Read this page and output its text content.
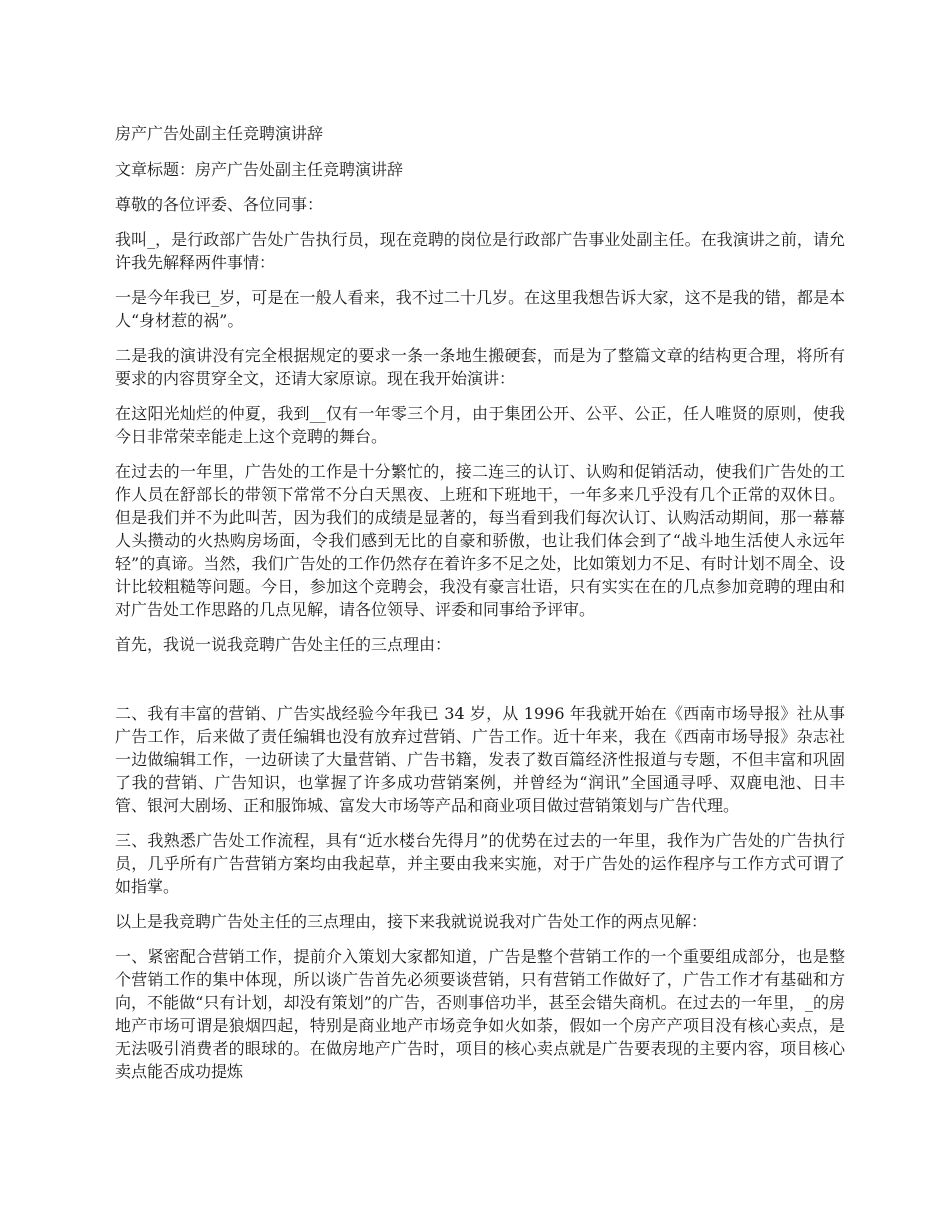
房产广告处副主任竞聘演讲辞

文章标题：房产广告处副主任竞聘演讲辞

尊敬的各位评委、各位同事：

我叫_，是行政部广告处广告执行员，现在竞聘的岗位是行政部广告事业处副主任。在我演讲之前，请允许我先解释两件事情：

一是今年我已_岁，可是在一般人看来，我不过二十几岁。在这里我想告诉大家，这不是我的错，都是本人“身材惹的祸”。

二是我的演讲没有完全根据规定的要求一条一条地生搬硬套，而是为了整篇文章的结构更合理，将所有要求的内容贯穿全文，还请大家原谅。现在我开始演讲：

在这阳光灿烂的仲夏，我到__仅有一年零三个月，由于集团公开、公平、公正，任人唯贤的原则，使我今日非常荣幸能走上这个竞聘的舞台。

在过去的一年里，广告处的工作是十分繁忙的，接二连三的认订、认购和促销活动，使我们广告处的工作人员在舒部长的带领下常常不分白天黑夜、上班和下班地干，一年多来几乎没有几个正常的双休日。但是我们并不为此叫苦，因为我们的成绩是显著的，每当看到我们每次认订、认购活动期间，那一幕幕人头攒动的火热购房场面，令我们感到无比的自豪和骄傲，也让我们体会到了“战斗地生活使人永远年轻”的真谛。当然，我们广告处的工作仍然存在着许多不足之处，比如策划力不足、有时计划不周全、设计比较粗糙等问题。今日，参加这个竞聘会，我没有豪言壮语，只有实实在在的几点参加竞聘的理由和对广告处工作思路的几点见解，请各位领导、评委和同事给予评审。

首先，我说一说我竞聘广告处主任的三点理由：

二、我有丰富的营销、广告实战经验今年我已 34 岁，从 1996 年我就开始在《西南市场导报》社从事广告工作，后来做了责任编辑也没有放弃过营销、广告工作。近十年来，我在《西南市场导报》杂志社一边做编辑工作，一边研读了大量营销、广告书籍，发表了数百篇经济性报道与专题，不但丰富和巩固了我的营销、广告知识，也掌握了许多成功营销案例，并曾经为“润讯”全国通寻呼、双鹿电池、日丰管、银河大剧场、正和服饰城、富发大市场等产品和商业项目做过营销策划与广告代理。

三、我熟悉广告处工作流程，具有“近水楼台先得月”的优势在过去的一年里，我作为广告处的广告执行员，几乎所有广告营销方案均由我起草，并主要由我来实施，对于广告处的运作程序与工作方式可谓了如指掌。

以上是我竞聘广告处主任的三点理由，接下来我就说说我对广告处工作的两点见解：

一、紧密配合营销工作，提前介入策划大家都知道，广告是整个营销工作的一个重要组成部分，也是整个营销工作的集中体现，所以谈广告首先必须要谈营销，只有营销工作做好了，广告工作才有基础和方向，不能做“只有计划，却没有策划”的广告，否则事倍功半，甚至会错失商机。在过去的一年里，_的房地产市场可谓是狼烟四起，特别是商业地产市场竞争如火如荼，假如一个房产产项目没有核心卖点，是无法吸引消费者的眼球的。在做房地产广告时，项目的核心卖点就是广告要表现的主要内容，项目核心卖点能否成功提炼
